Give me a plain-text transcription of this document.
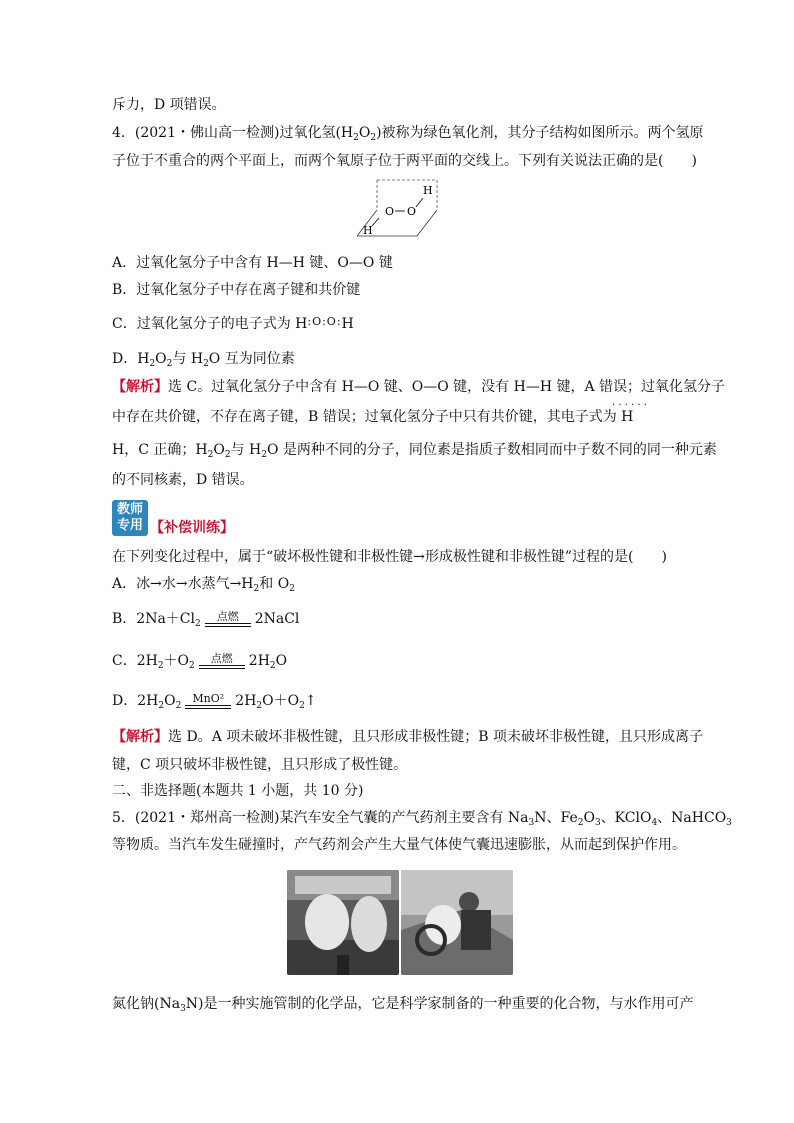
斥力，D 项错误。
4．(2021・佛山高一检测)过氧化氢$(H_2O_2)$被称为绿色氧化剂，其分子结构如图所示。两个氢原
子位于不重合的两个平面上，而两个氧原子位于两平面的交线上。下列有关说法正确的是(　　)
H
O O
H
A．过氧化氢分子中含有 H—H 键、O—O 键
B．过氧化氢分子中存在离子键和共价键
C．过氧化氢分子的电子式为 $H^{:O:O:}H$
D．$H_2O_2$与 $H_2O$ 互为同位素
【解析】选 C。过氧化氢分子中含有 H—O 键、O—O 键，没有 H—H 键，A 错误；过氧化氢分子
中存在共价键，不存在离子键，B 错误；过氧化氢分子中只有共价键，其电子式为 H
· · · · · ·
H，C 正确；$H_2O_2$与 $H_2O$ 是两种不同的分子，同位素是指质子数相同而中子数不同的同一种元素
的不同核素，D 错误。
教师专用 【补偿训练】
在下列变化过程中，属于“破坏极性键和非极性键→形成极性键和非极性键”过程的是(　　)
A．冰→水→水蒸气$\to H_2$和 $O_2$
B．$2Na+Cl_2$
点燃	2NaCl
C．$2H_2+O_2$
点燃	$2H_2O$
D．$2H_2O_2$
MnO² $2H_2O+O_2↑$
【解析】选 D。A 项未破坏非极性键，且只形成非极性键；B 项未破坏非极性键，且只形成离子
键，C 项只破坏非极性键，且只形成了极性键。
二、非选择题(本题共 1 小题，共 10 分)
5．(2021・郑州高一检测)某汽车安全气囊的产气药剂主要含有 $Na_3N$、$Fe_2O_3$、KClO$_4$、NaHCO$_3$
等物质。当汽车发生碰撞时，产气药剂会产生大量气体使气囊迅速膨胀，从而起到保护作用。
氮化钠$(Na_3N)$是一种实施管制的化学品，它是科学家制备的一种重要的化合物，与水作用可产
